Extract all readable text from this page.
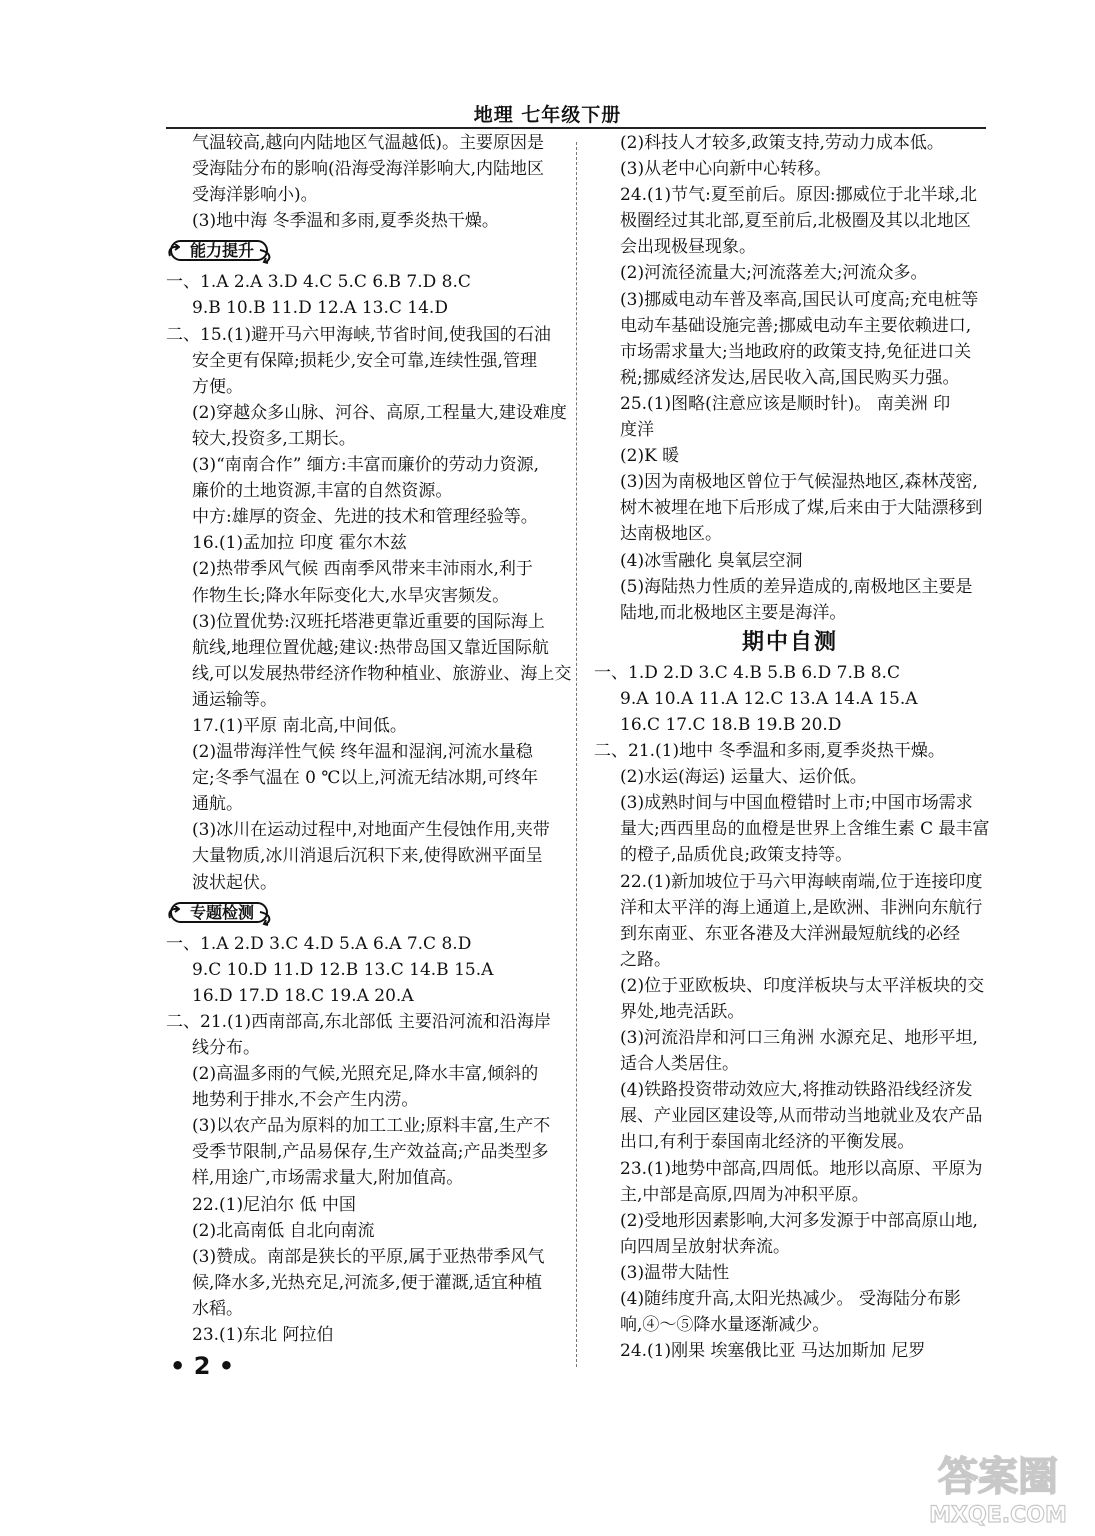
地理 七年级下册
气温较高,越向内陆地区气温越低)。主要原因是
受海陆分布的影响(沿海受海洋影响大,内陆地区
受海洋影响小)。
(3)地中海 冬季温和多雨,夏季炎热干燥。
能力提升
一、1.A 2.A 3.D 4.C 5.C 6.B 7.D 8.C
9.B 10.B 11.D 12.A 13.C 14.D
二、15.(1)避开马六甲海峡,节省时间,使我国的石油
安全更有保障;损耗少,安全可靠,连续性强,管理
方便。
(2)穿越众多山脉、河谷、高原,工程量大,建设难度
较大,投资多,工期长。
(3)“南南合作” 缅方:丰富而廉价的劳动力资源,
廉价的土地资源,丰富的自然资源。
中方:雄厚的资金、先进的技术和管理经验等。
16.(1)孟加拉 印度 霍尔木兹
(2)热带季风气候 西南季风带来丰沛雨水,利于
作物生长;降水年际变化大,水旱灾害频发。
(3)位置优势:汉班托塔港更靠近重要的国际海上
航线,地理位置优越;建议:热带岛国又靠近国际航
线,可以发展热带经济作物种植业、旅游业、海上交
通运输等。
17.(1)平原 南北高,中间低。
(2)温带海洋性气候 终年温和湿润,河流水量稳
定;冬季气温在 0 ℃以上,河流无结冰期,可终年
通航。
(3)冰川在运动过程中,对地面产生侵蚀作用,夹带
大量物质,冰川消退后沉积下来,使得欧洲平面呈
波状起伏。
专题检测
一、1.A 2.D 3.C 4.D 5.A 6.A 7.C 8.D
9.C 10.D 11.D 12.B 13.C 14.B 15.A
16.D 17.D 18.C 19.A 20.A
二、21.(1)西南部高,东北部低 主要沿河流和沿海岸
线分布。
(2)高温多雨的气候,光照充足,降水丰富,倾斜的
地势利于排水,不会产生内涝。
(3)以农产品为原料的加工工业;原料丰富,生产不
受季节限制,产品易保存,生产效益高;产品类型多
样,用途广,市场需求量大,附加值高。
22.(1)尼泊尔 低 中国
(2)北高南低 自北向南流
(3)赞成。南部是狭长的平原,属于亚热带季风气
候,降水多,光热充足,河流多,便于灌溉,适宜种植
水稻。
23.(1)东北 阿拉伯
(2)科技人才较多,政策支持,劳动力成本低。
(3)从老中心向新中心转移。
24.(1)节气:夏至前后。原因:挪威位于北半球,北
极圈经过其北部,夏至前后,北极圈及其以北地区
会出现极昼现象。
(2)河流径流量大;河流落差大;河流众多。
(3)挪威电动车普及率高,国民认可度高;充电桩等
电动车基础设施完善;挪威电动车主要依赖进口,
市场需求量大;当地政府的政策支持,免征进口关
税;挪威经济发达,居民收入高,国民购买力强。
25.(1)图略(注意应该是顺时针)。 南美洲 印
度洋
(2)K 暖
(3)因为南极地区曾位于气候湿热地区,森林茂密,
树木被埋在地下后形成了煤,后来由于大陆漂移到
达南极地区。
(4)冰雪融化 臭氧层空洞
(5)海陆热力性质的差异造成的,南极地区主要是
陆地,而北极地区主要是海洋。
期中自测
一、1.D 2.D 3.C 4.B 5.B 6.D 7.B 8.C
9.A 10.A 11.A 12.C 13.A 14.A 15.A
16.C 17.C 18.B 19.B 20.D
二、21.(1)地中 冬季温和多雨,夏季炎热干燥。
(2)水运(海运) 运量大、运价低。
(3)成熟时间与中国血橙错时上市;中国市场需求
量大;西西里岛的血橙是世界上含维生素 C 最丰富
的橙子,品质优良;政策支持等。
22.(1)新加坡位于马六甲海峡南端,位于连接印度
洋和太平洋的海上通道上,是欧洲、非洲向东航行
到东南亚、东亚各港及大洋洲最短航线的必经
之路。
(2)位于亚欧板块、印度洋板块与太平洋板块的交
界处,地壳活跃。
(3)河流沿岸和河口三角洲 水源充足、地形平坦,
适合人类居住。
(4)铁路投资带动效应大,将推动铁路沿线经济发
展、产业园区建设等,从而带动当地就业及农产品
出口,有利于泰国南北经济的平衡发展。
23.(1)地势中部高,四周低。地形以高原、平原为
主,中部是高原,四周为冲积平原。
(2)受地形因素影响,大河多发源于中部高原山地,
向四周呈放射状奔流。
(3)温带大陆性
(4)随纬度升高,太阳光热减少。 受海陆分布影
响,④～⑤降水量逐渐减少。
24.(1)刚果 埃塞俄比亚 马达加斯加 尼罗
• 2 •
答案圈
MXQE.COM
